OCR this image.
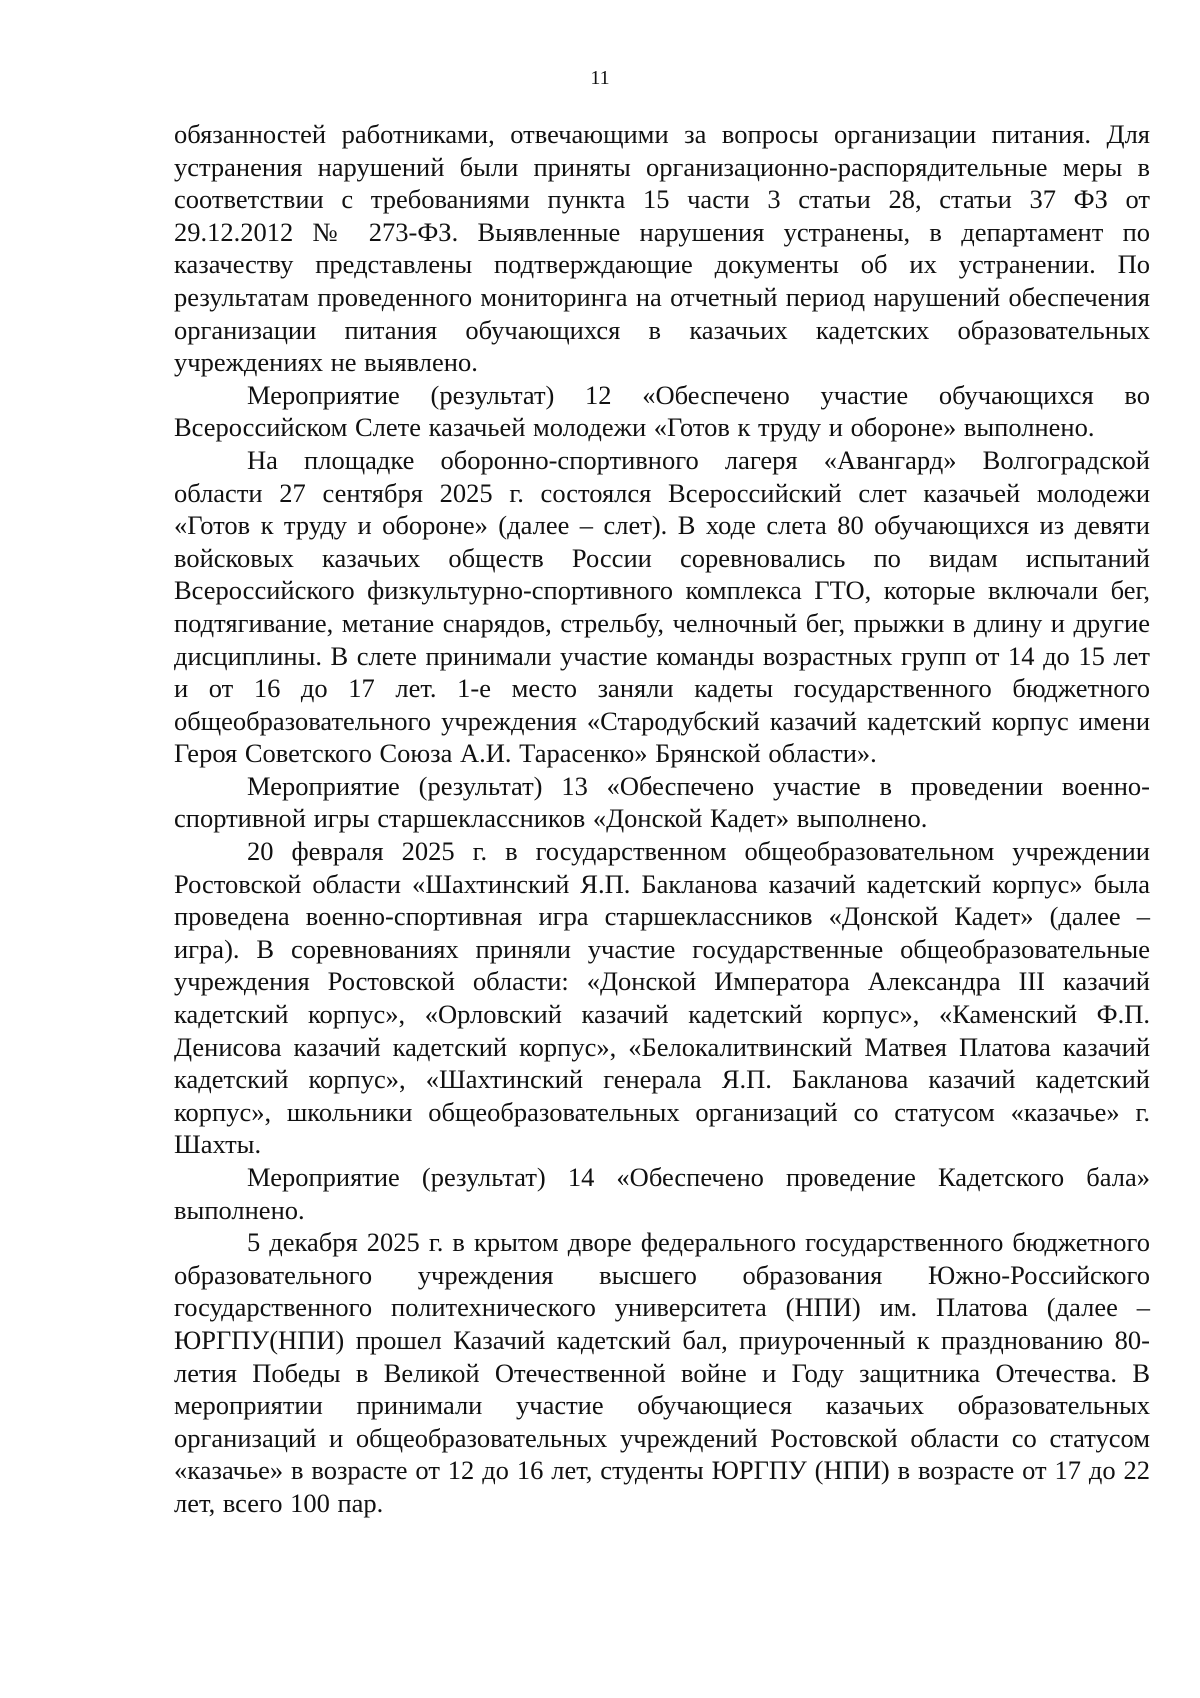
11

обязанностей работниками, отвечающими за вопросы организации питания. Для устранения нарушений были приняты организационно-распорядительные меры в соответствии с требованиями пункта 15 части 3 статьи 28, статьи 37 ФЗ от 29.12.2012 № 273-ФЗ. Выявленные нарушения устранены, в департамент по казачеству представлены подтверждающие документы об их устранении. По результатам проведенного мониторинга на отчетный период нарушений обеспечения организации питания обучающихся в казачьих кадетских образовательных учреждениях не выявлено.

Мероприятие (результат) 12 «Обеспечено участие обучающихся во Всероссийском Слете казачьей молодежи «Готов к труду и обороне» выполнено.

На площадке оборонно-спортивного лагеря «Авангард» Волгоградской области 27 сентября 2025 г. состоялся Всероссийский слет казачьей молодежи «Готов к труду и обороне» (далее – слет). В ходе слета 80 обучающихся из девяти войсковых казачьих обществ России соревновались по видам испытаний Всероссийского физкультурно-спортивного комплекса ГТО, которые включали бег, подтягивание, метание снарядов, стрельбу, челночный бег, прыжки в длину и другие дисциплины. В слете принимали участие команды возрастных групп от 14 до 15 лет и от 16 до 17 лет. 1-е место заняли кадеты государственного бюджетного общеобразовательного учреждения «Стародубский казачий кадетский корпус имени Героя Советского Союза А.И. Тарасенко» Брянской области».

Мероприятие (результат) 13 «Обеспечено участие в проведении военно-спортивной игры старшеклассников «Донской Кадет» выполнено.

20 февраля 2025 г. в государственном общеобразовательном учреждении Ростовской области «Шахтинский Я.П. Бакланова казачий кадетский корпус» была проведена военно-спортивная игра старшеклассников «Донской Кадет» (далее – игра). В соревнованиях приняли участие государственные общеобразовательные учреждения Ростовской области: «Донской Императора Александра III казачий кадетский корпус», «Орловский казачий кадетский корпус», «Каменский Ф.П. Денисова казачий кадетский корпус», «Белокалитвинский Матвея Платова казачий кадетский корпус», «Шахтинский генерала Я.П. Бакланова казачий кадетский корпус», школьники общеобразовательных организаций со статусом «казачье» г. Шахты.

Мероприятие (результат) 14 «Обеспечено проведение Кадетского бала» выполнено.

5 декабря 2025 г. в крытом дворе федерального государственного бюджетного образовательного учреждения высшего образования Южно-Российского государственного политехнического университета (НПИ) им. Платова (далее – ЮРГПУ(НПИ) прошел Казачий кадетский бал, приуроченный к празднованию 80-летия Победы в Великой Отечественной войне и Году защитника Отечества. В мероприятии принимали участие обучающиеся казачьих образовательных организаций и общеобразовательных учреждений Ростовской области со статусом «казачье» в возрасте от 12 до 16 лет, студенты ЮРГПУ (НПИ) в возрасте от 17 до 22 лет, всего 100 пар.
